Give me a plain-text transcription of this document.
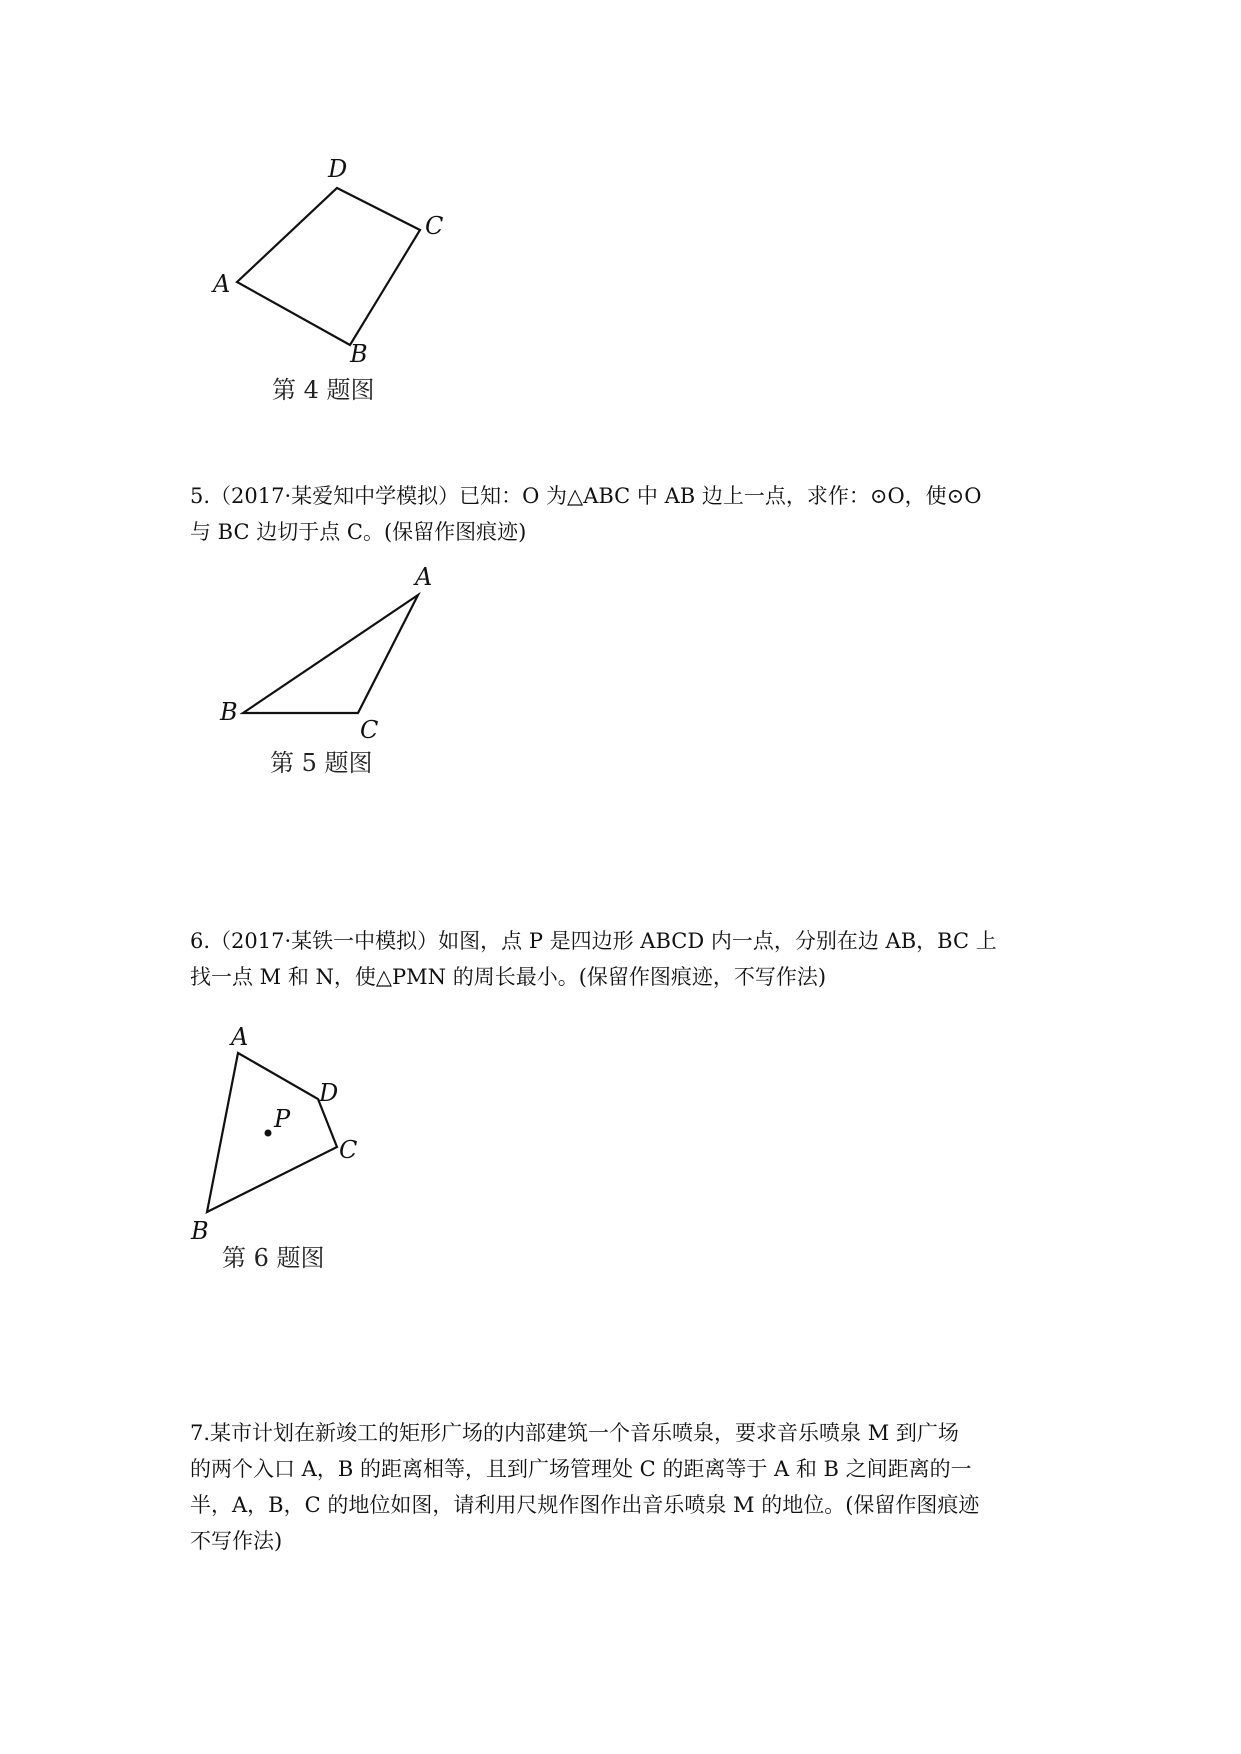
D
C
A
B
第 4 题图

5.（2017·某爱知中学模拟）已知：O 为△ABC 中 AB 边上一点，求作：⊙O，使⊙O

与 BC 边切于点 C。(保留作图痕迹)

A
B
C
第 5 题图

6.（2017·某铁一中模拟）如图，点 P 是四边形 ABCD 内一点，分别在边 AB，BC 上

找一点 M 和 N，使△PMN 的周长最小。(保留作图痕迹，不写作法)

A
D
P
C
B
第 6 题图

7.某市计划在新竣工的矩形广场的内部建筑一个音乐喷泉，要求音乐喷泉 M 到广场

的两个入口 A，B 的距离相等，且到广场管理处 C 的距离等于 A 和 B 之间距离的一

半，A，B，C 的地位如图，请利用尺规作图作出音乐喷泉 M 的地位。(保留作图痕迹

不写作法)
